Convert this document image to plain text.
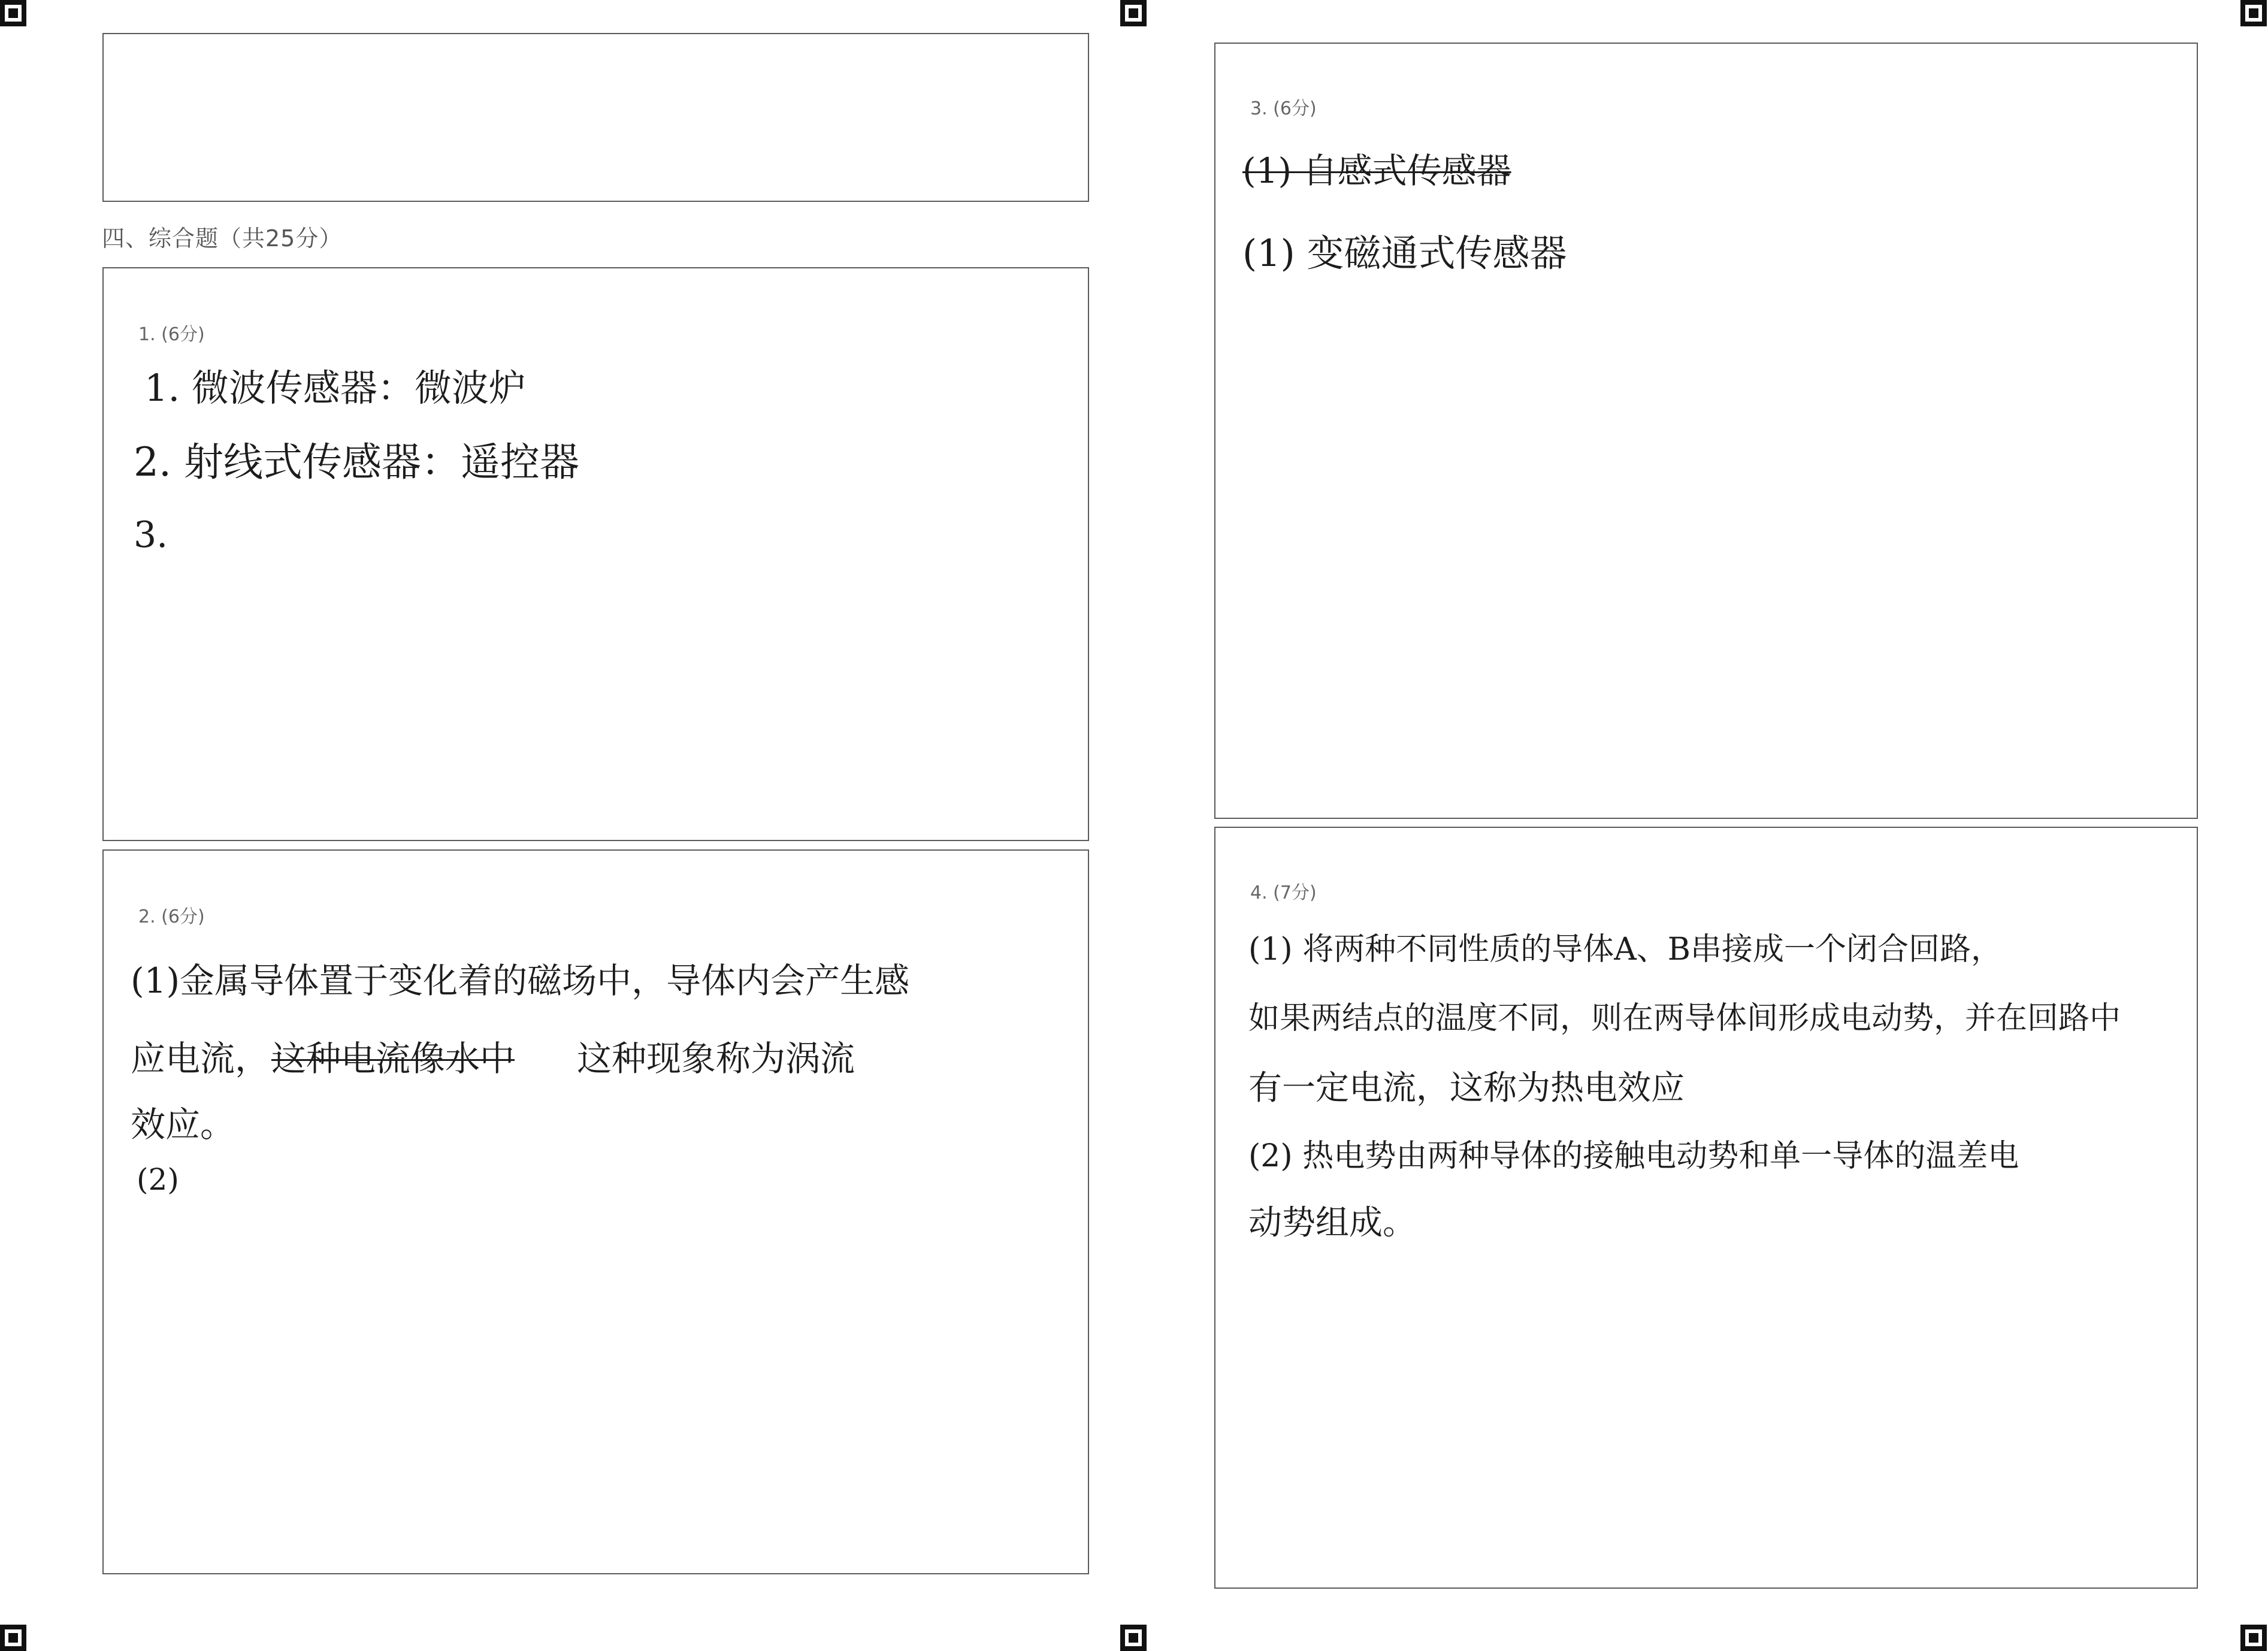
四、综合题（共25分）
1. (6分)
1. 微波传感器：微波炉
2. 射线式传感器：遥控器
3.
2. (6分)
(1)金属导体置于变化着的磁场中，导体内会产生感
应电流， 这种电流像水中 这种现象称为涡流
效应。
(2)
3. (6分)
(1) 自感式传感器
(1) 变磁通式传感器
4. (7分)
(1) 将两种不同性质的导体A、B串接成一个闭合回路，
如果两结点的温度不同，则在两导体间形成电动势，并在回路中
有一定电流，这称为热电效应
(2) 热电势由两种导体的接触电动势和单一导体的温差电
动势组成。
